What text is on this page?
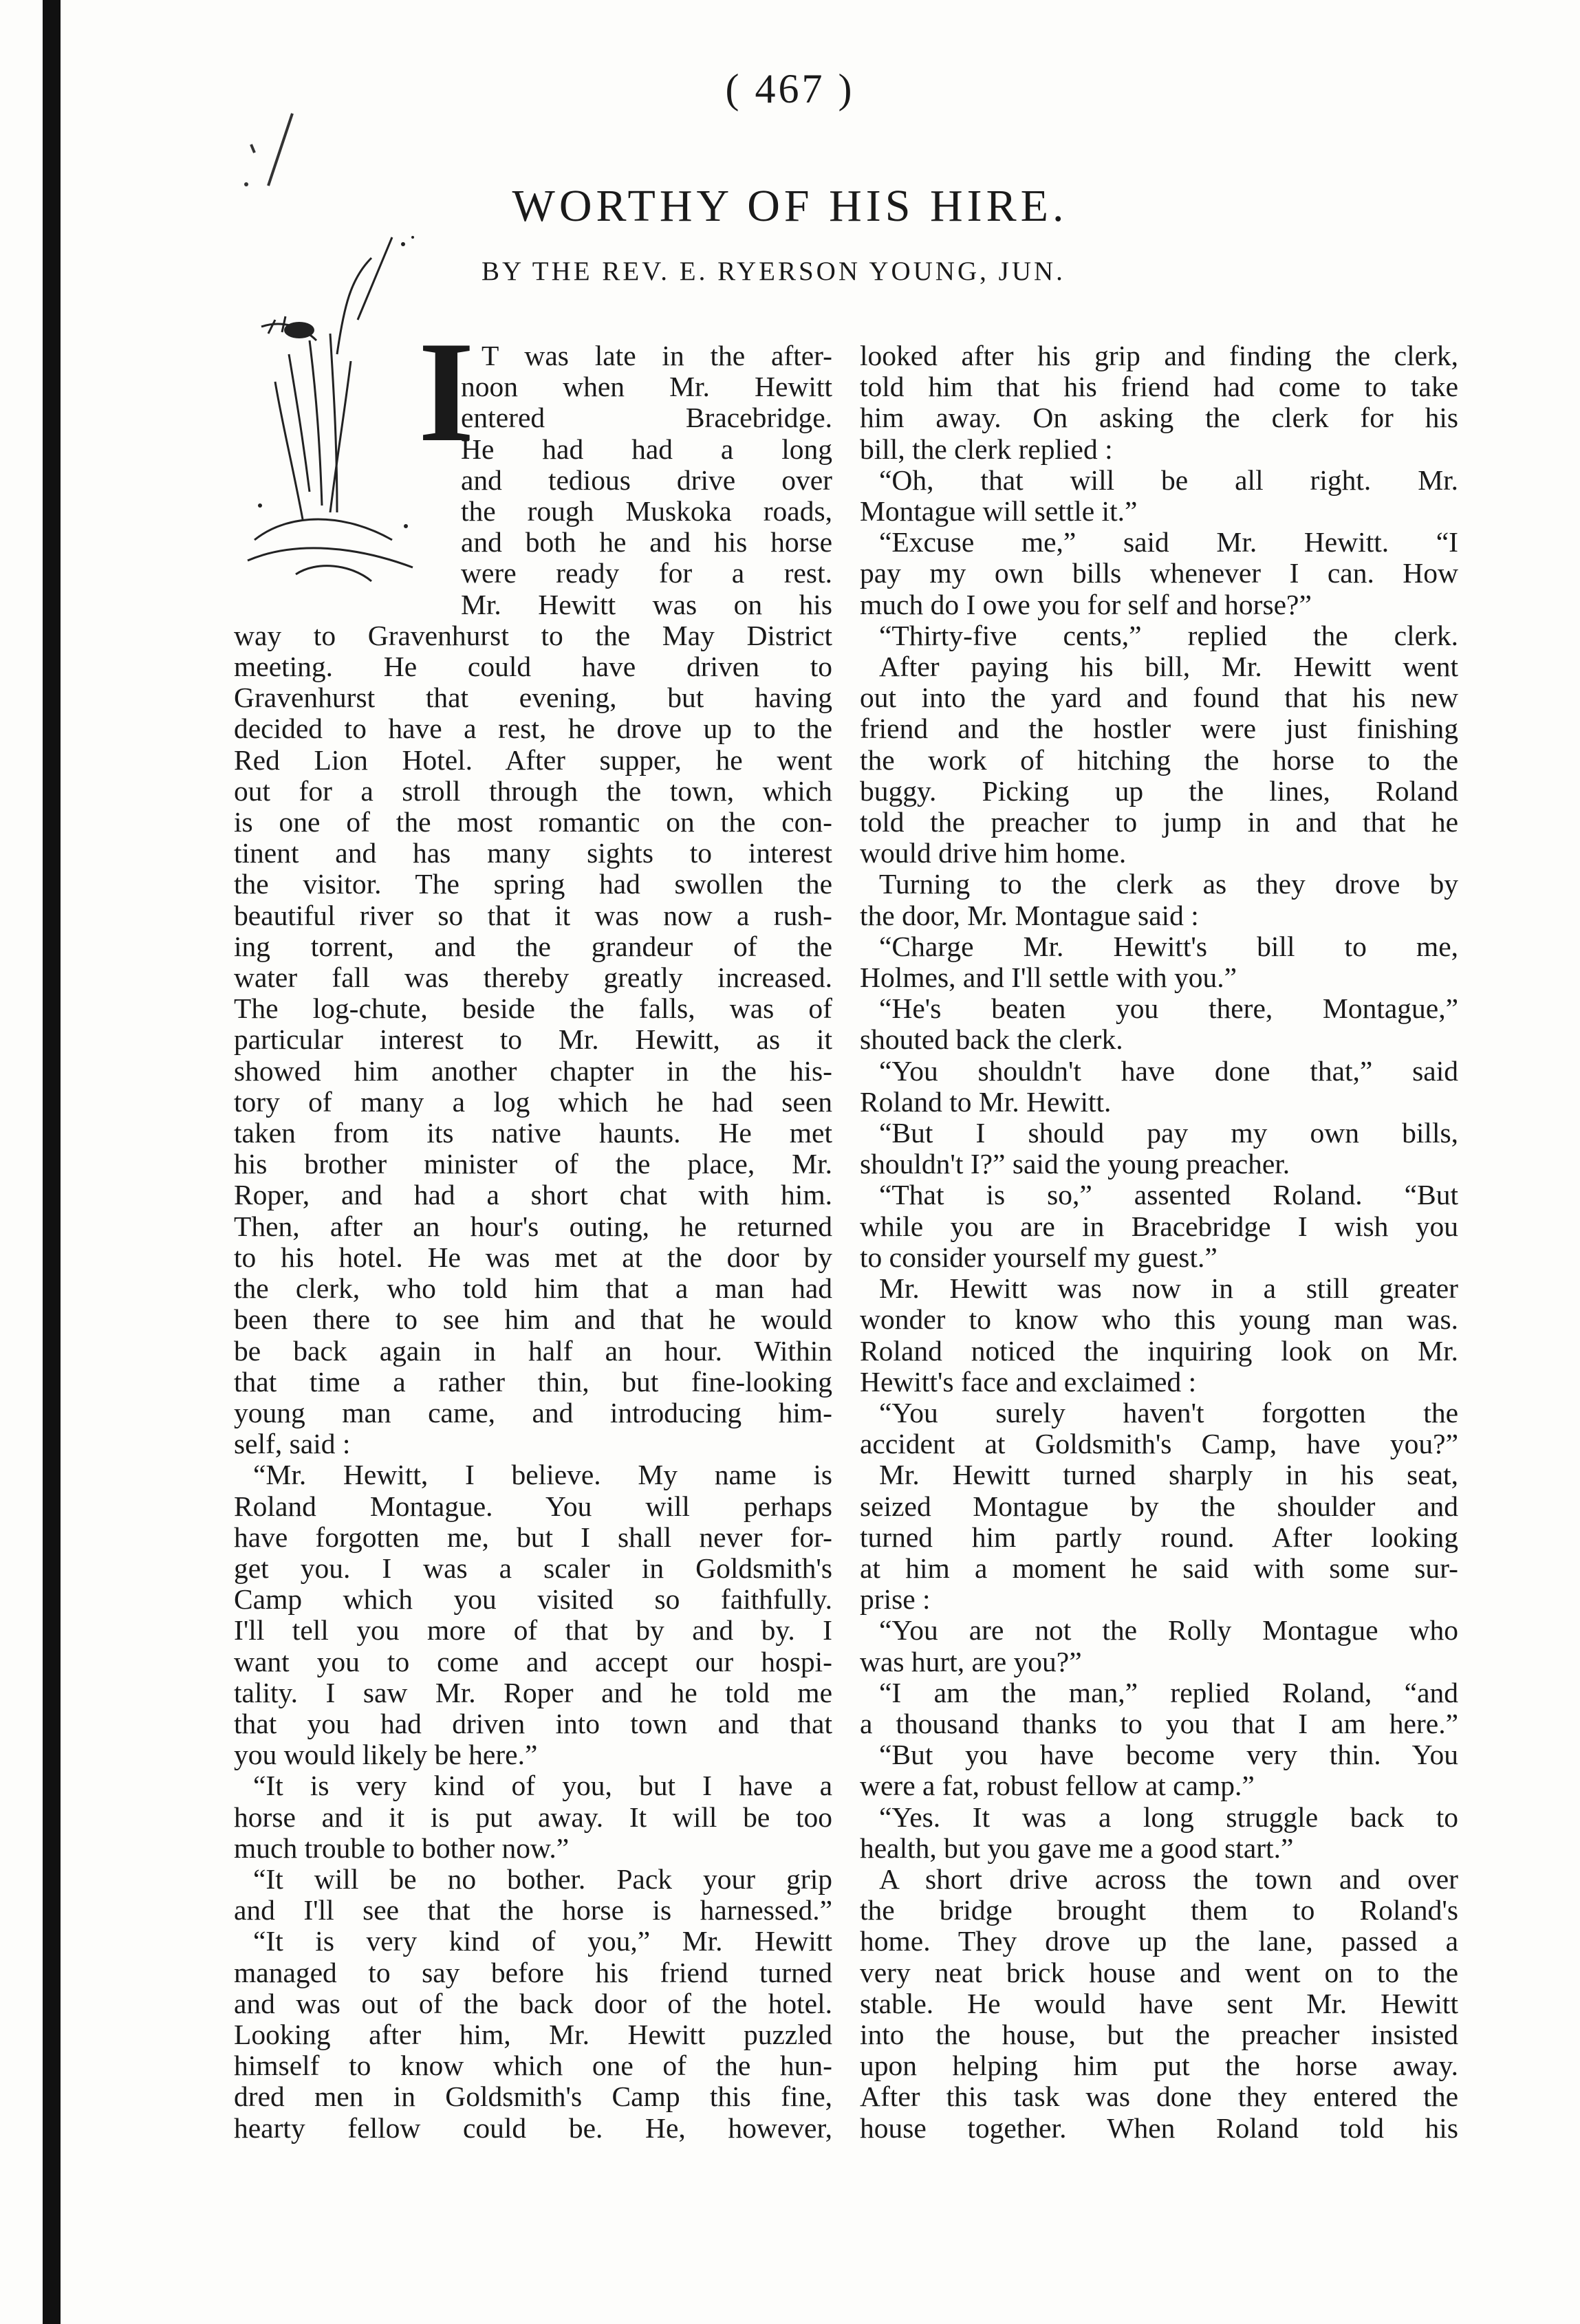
( 467 )
WORTHY OF HIS HIRE.
BY THE REV. E. RYERSON YOUNG, JUN.
I T was late in the after-
noon when Mr. Hewitt
entered Bracebridge.
He had had a long
and tedious drive over
the rough Muskoka roads,
and both he and his horse
were ready for a rest.
Mr. Hewitt was on his
way to Gravenhurst to the May District
meeting. He could have driven to
Gravenhurst that evening, but having
decided to have a rest, he drove up to the
Red Lion Hotel. After supper, he went
out for a stroll through the town, which
is one of the most romantic on the con-
tinent and has many sights to interest
the visitor. The spring had swollen the
beautiful river so that it was now a rush-
ing torrent, and the grandeur of the
water fall was thereby greatly increased.
The log-chute, beside the falls, was of
particular interest to Mr. Hewitt, as it
showed him another chapter in the his-
tory of many a log which he had seen
taken from its native haunts. He met
his brother minister of the place, Mr.
Roper, and had a short chat with him.
Then, after an hour's outing, he returned
to his hotel. He was met at the door by
the clerk, who told him that a man had
been there to see him and that he would
be back again in half an hour. Within
that time a rather thin, but fine-looking
young man came, and introducing him-
self, said :
“Mr. Hewitt, I believe. My name is
Roland Montague. You will perhaps
have forgotten me, but I shall never for-
get you. I was a scaler in Goldsmith's
Camp which you visited so faithfully.
I'll tell you more of that by and by. I
want you to come and accept our hospi-
tality. I saw Mr. Roper and he told me
that you had driven into town and that
you would likely be here.”
“It is very kind of you, but I have a
horse and it is put away. It will be too
much trouble to bother now.”
“It will be no bother. Pack your grip
and I'll see that the horse is harnessed.”
“It is very kind of you,” Mr. Hewitt
managed to say before his friend turned
and was out of the back door of the hotel.
Looking after him, Mr. Hewitt puzzled
himself to know which one of the hun-
dred men in Goldsmith's Camp this fine,
hearty fellow could be. He, however,
looked after his grip and finding the clerk,
told him that his friend had come to take
him away. On asking the clerk for his
bill, the clerk replied :
“Oh, that will be all right. Mr.
Montague will settle it.”
“Excuse me,” said Mr. Hewitt. “I
pay my own bills whenever I can. How
much do I owe you for self and horse?”
“Thirty-five cents,” replied the clerk.
After paying his bill, Mr. Hewitt went
out into the yard and found that his new
friend and the hostler were just finishing
the work of hitching the horse to the
buggy. Picking up the lines, Roland
told the preacher to jump in and that he
would drive him home.
Turning to the clerk as they drove by
the door, Mr. Montague said :
“Charge Mr. Hewitt's bill to me,
Holmes, and I'll settle with you.”
“He's beaten you there, Montague,”
shouted back the clerk.
“You shouldn't have done that,” said
Roland to Mr. Hewitt.
“But I should pay my own bills,
shouldn't I?” said the young preacher.
“That is so,” assented Roland. “But
while you are in Bracebridge I wish you
to consider yourself my guest.”
Mr. Hewitt was now in a still greater
wonder to know who this young man was.
Roland noticed the inquiring look on Mr.
Hewitt's face and exclaimed :
“You surely haven't forgotten the
accident at Goldsmith's Camp, have you?”
Mr. Hewitt turned sharply in his seat,
seized Montague by the shoulder and
turned him partly round. After looking
at him a moment he said with some sur-
prise :
“You are not the Rolly Montague who
was hurt, are you?”
“I am the man,” replied Roland, “and
a thousand thanks to you that I am here.”
“But you have become very thin. You
were a fat, robust fellow at camp.”
“Yes. It was a long struggle back to
health, but you gave me a good start.”
A short drive across the town and over
the bridge brought them to Roland's
home. They drove up the lane, passed a
very neat brick house and went on to the
stable. He would have sent Mr. Hewitt
into the house, but the preacher insisted
upon helping him put the horse away.
After this task was done they entered the
house together. When Roland told his
